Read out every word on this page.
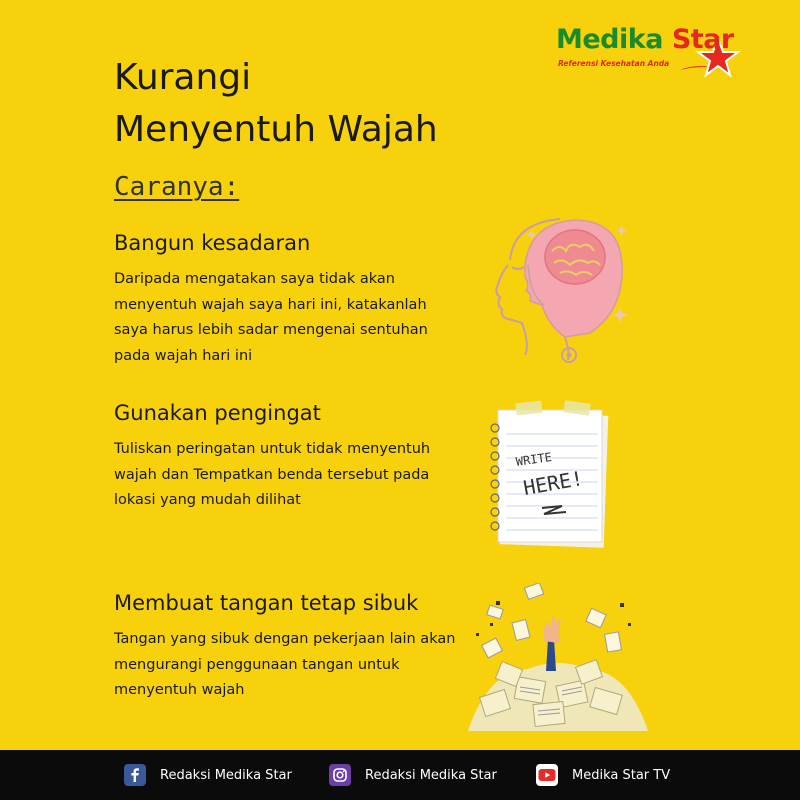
Medika Star
Referensi Kesehatan Anda
Kurangi
Menyentuh Wajah
Caranya:
Bangun kesadaran

Daripada mengatakan saya tidak akan menyentuh wajah saya hari ini, katakanlah saya harus lebih sadar mengenai sentuhan pada wajah hari ini

Gunakan pengingat

Tuliskan peringatan untuk tidak menyentuh wajah dan Tempatkan benda tersebut pada lokasi yang mudah dilihat

Membuat tangan tetap sibuk

Tangan yang sibuk dengan pekerjaan lain akan mengurangi penggunaan tangan untuk menyentuh wajah

WRITE
HERE!
Redaksi Medika Star	Redaksi Medika Star	Medika Star TV
